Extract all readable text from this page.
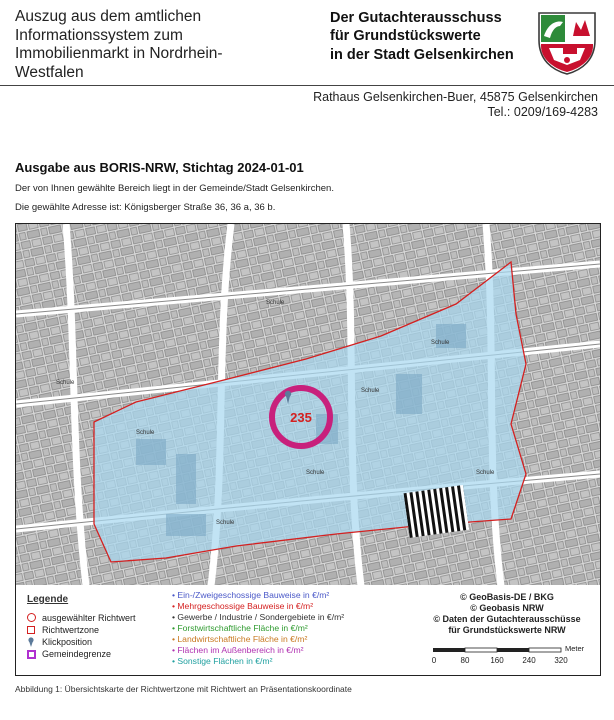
Auszug aus dem amtlichen
Informationssystem zum
Immobilienmarkt in Nordrhein-
Westfalen
Der Gutachterausschuss
für Grundstückswerte
in der Stadt Gelsenkirchen
Rathaus Gelsenkirchen-Buer, 45875 Gelsenkirchen
Tel.: 0209/169-4283
Ausgabe aus BORIS-NRW, Stichtag 2024-01-01
Der von Ihnen gewählte Bereich liegt in der Gemeinde/Stadt Gelsenkirchen.
Die gewählte Adresse ist: Königsberger Straße 36, 36 a, 36 b.
Schule
Schule
Schule
Schule
Schule
Schule
Schule
Schule
235
Legende
ausgewählter Richtwert
Richtwertzone
Klickposition
Gemeindegrenze
• Ein-/Zweigeschossige Bauweise in €/m²
• Mehrgeschossige Bauweise in €/m²
• Gewerbe / Industrie / Sondergebiete in €/m²
• Forstwirtschaftliche Fläche in €/m²
• Landwirtschaftliche Fläche in €/m²
• Flächen im Außenbereich in €/m²
• Sonstige Flächen in €/m²
© GeoBasis-DE / BKG
© Geobasis NRW
© Daten der Gutachterausschüsse
für Grundstückswerte NRW
0	80	160 240 320
Meter
Abbildung 1: Übersichtskarte der Richtwertzone mit Richtwert an Präsentationskoordinate
